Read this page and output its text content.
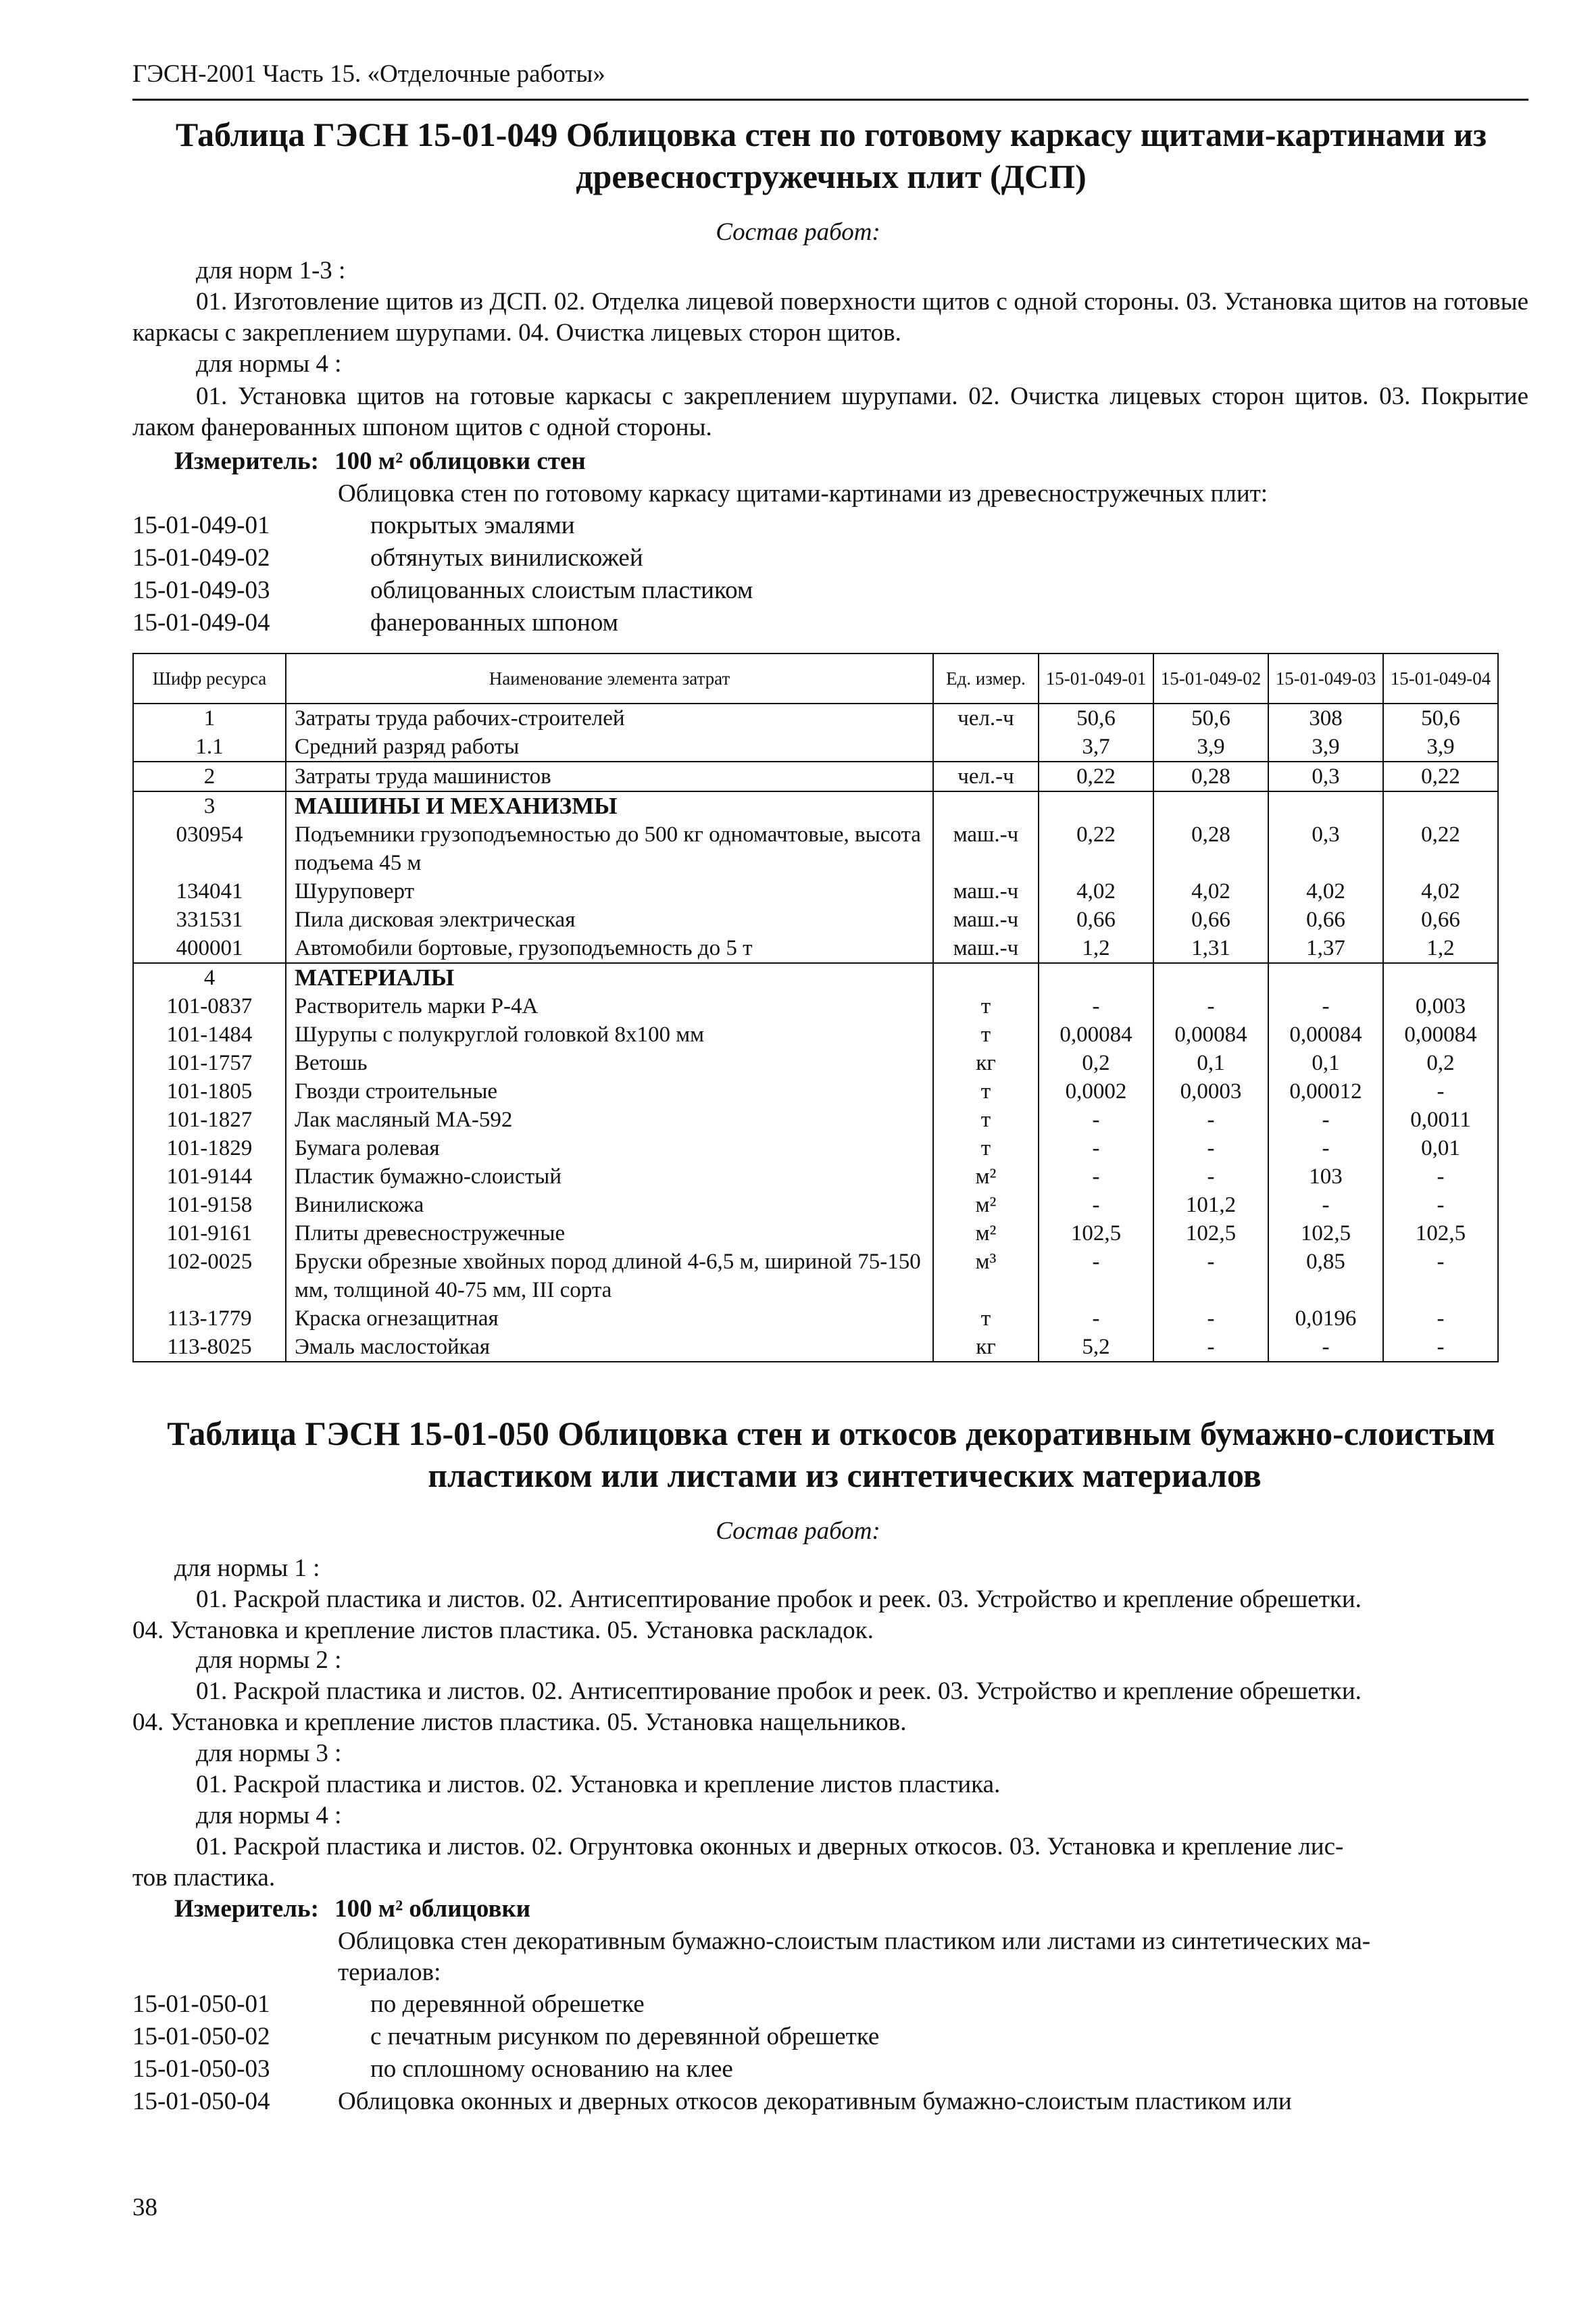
ГЭСН-2001 Часть 15. «Отделочные работы»
Таблица ГЭСН 15-01-049 Облицовка стен по готовому каркасу щитами-картинами из
древесностружечных плит (ДСП)
Состав работ:
для норм 1-3 :
01. Изготовление щитов из ДСП. 02. Отделка лицевой поверхности щитов с одной стороны. 03. Установка щитов на готовые каркасы с закреплением шурупами. 04. Очистка лицевых сторон щитов.
для нормы 4 :
01. Установка щитов на готовые каркасы с закреплением шурупами. 02. Очистка лицевых сторон щитов. 03. Покрытие лаком фанерованных шпоном щитов с одной стороны.
Измеритель: 100 м² облицовки стен
Облицовка стен по готовому каркасу щитами-картинами из древесностружечных плит:
15-01-049-01	покрытых эмалями
15-01-049-02	обтянутых винилискожей
15-01-049-03	облицованных слоистым пластиком
15-01-049-04	фанерованных шпоном
Шифр ресурса	Наименование элемента затрат	Ед. измер.	15-01-049-01	15-01-049-02	15-01-049-03	15-01-049-04
1	Затраты труда рабочих-строителей	чел.-ч	50,6	50,6	308	50,6
1.1	Средний разряд работы		3,7	3,9	3,9	3,9
2	Затраты труда машинистов	чел.-ч	0,22	0,28	0,3	0,22
3	МАШИНЫ И МЕХАНИЗМЫ					
030954	Подъемники грузоподъемностью до 500 кг одномачтовые, высота подъема 45 м	маш.-ч	0,22	0,28	0,3	0,22
134041	Шуруповерт	маш.-ч	4,02	4,02	4,02	4,02
331531	Пила дисковая электрическая	маш.-ч	0,66	0,66	0,66	0,66
400001	Автомобили бортовые, грузоподъемность до 5 т	маш.-ч	1,2	1,31	1,37	1,2
4	МАТЕРИАЛЫ					
101-0837	Растворитель марки Р-4А	т	-	-	-	0,003
101-1484	Шурупы с полукруглой головкой 8х100 мм	т	0,00084	0,00084	0,00084	0,00084
101-1757	Ветошь	кг	0,2	0,1	0,1	0,2
101-1805	Гвозди строительные	т	0,0002	0,0003	0,00012	-
101-1827	Лак масляный МА-592	т	-	-	-	0,0011
101-1829	Бумага ролевая	т	-	-	-	0,01
101-9144	Пластик бумажно-слоистый	м²	-	-	103	-
101-9158	Винилискожа	м²	-	101,2	-	-
101-9161	Плиты древесностружечные	м²	102,5	102,5	102,5	102,5
102-0025	Бруски обрезные хвойных пород длиной 4-6,5 м, шириной 75-150 мм, толщиной 40-75 мм, III сорта	м³	-	-	0,85	-
113-1779	Краска огнезащитная	т	-	-	0,0196	-
113-8025	Эмаль маслостойкая	кг	5,2	-	-	-
Таблица ГЭСН 15-01-050 Облицовка стен и откосов декоративным бумажно-слоистым
пластиком или листами из синтетических материалов
Состав работ:
для нормы 1 :
01. Раскрой пластика и листов. 02. Антисептирование пробок и реек. 03. Устройство и крепление обрешетки.
04. Установка и крепление листов пластика. 05. Установка раскладок.
для нормы 2 :
01. Раскрой пластика и листов. 02. Антисептирование пробок и реек. 03. Устройство и крепление обрешетки.
04. Установка и крепление листов пластика. 05. Установка нащельников.
для нормы 3 :
01. Раскрой пластика и листов. 02. Установка и крепление листов пластика.
для нормы 4 :
01. Раскрой пластика и листов. 02. Огрунтовка оконных и дверных откосов. 03. Установка и крепление лис-
тов пластика.
Измеритель: 100 м² облицовки
Облицовка стен декоративным бумажно-слоистым пластиком или листами из синтетических ма-
териалов:
15-01-050-01	по деревянной обрешетке
15-01-050-02	с печатным рисунком по деревянной обрешетке
15-01-050-03	по сплошному основанию на клее
15-01-050-04	Облицовка оконных и дверных откосов декоративным бумажно-слоистым пластиком или
38
